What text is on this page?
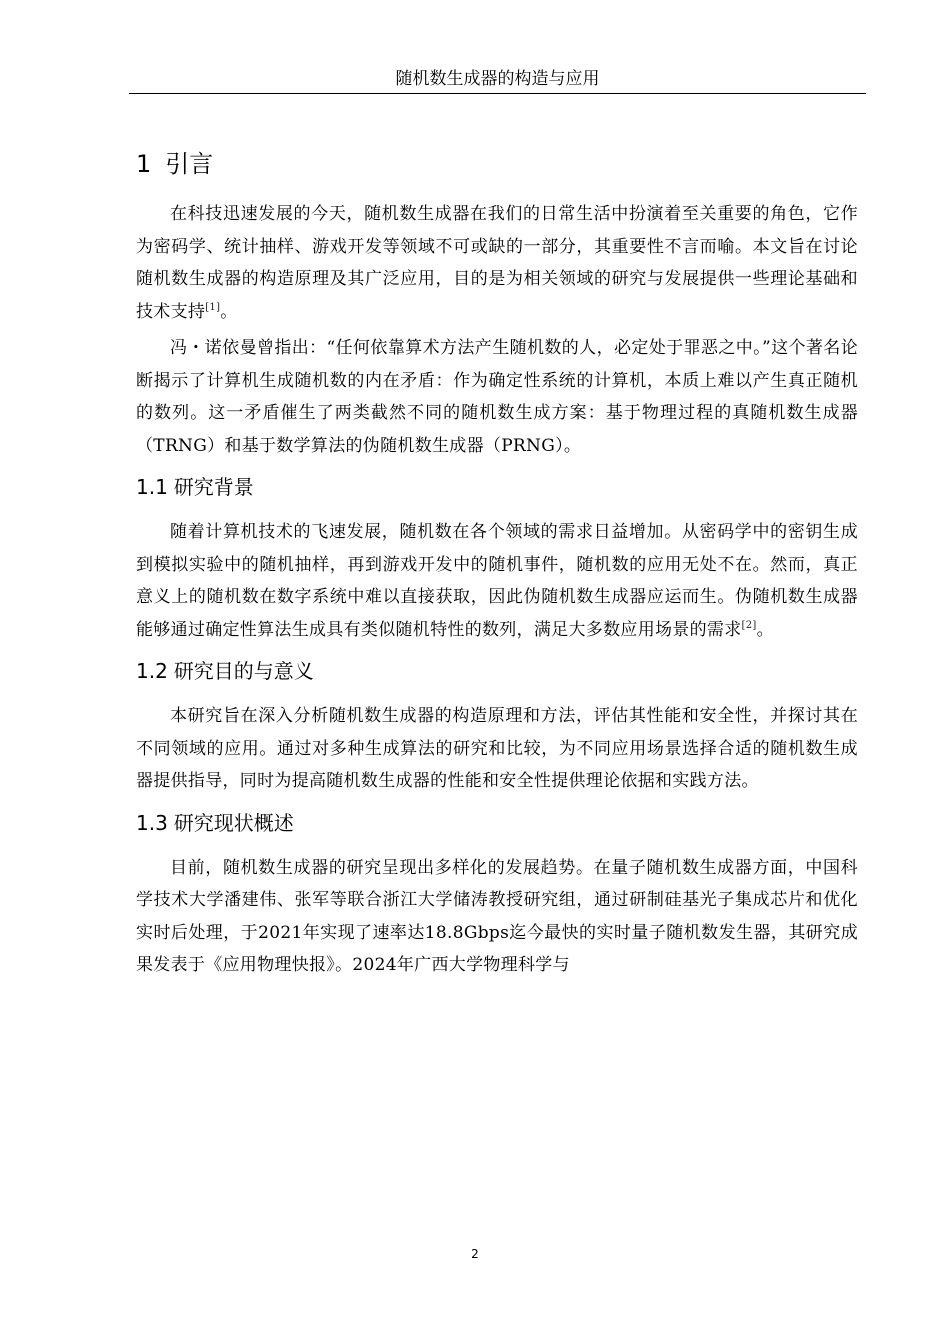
随机数生成器的构造与应用
1 引言

在科技迅速发展的今天，随机数生成器在我们的日常生活中扮演着至关重要的角色，它作为密码学、统计抽样、游戏开发等领域不可或缺的一部分，其重要性不言而喻。本文旨在讨论随机数生成器的构造原理及其广泛应用，目的是为相关领域的研究与发展提供一些理论基础和技术支持[1]。

冯・诺依曼曾指出：“任何依靠算术方法产生随机数的人，必定处于罪恶之中。”这个著名论断揭示了计算机生成随机数的内在矛盾：作为确定性系统的计算机，本质上难以产生真正随机的数列。这一矛盾催生了两类截然不同的随机数生成方案：基于物理过程的真随机数生成器（TRNG）和基于数学算法的伪随机数生成器（PRNG）。

1.1 研究背景

随着计算机技术的飞速发展，随机数在各个领域的需求日益增加。从密码学中的密钥生成到模拟实验中的随机抽样，再到游戏开发中的随机事件，随机数的应用无处不在。然而，真正意义上的随机数在数字系统中难以直接获取，因此伪随机数生成器应运而生。伪随机数生成器能够通过确定性算法生成具有类似随机特性的数列，满足大多数应用场景的需求[2]。

1.2 研究目的与意义

本研究旨在深入分析随机数生成器的构造原理和方法，评估其性能和安全性，并探讨其在不同领域的应用。通过对多种生成算法的研究和比较，为不同应用场景选择合适的随机数生成器提供指导，同时为提高随机数生成器的性能和安全性提供理论依据和实践方法。

1.3 研究现状概述

目前，随机数生成器的研究呈现出多样化的发展趋势。在量子随机数生成器方面，中国科学技术大学潘建伟、张军等联合浙江大学储涛教授研究组，通过研制硅基光子集成芯片和优化实时后处理，于2021年实现了速率达18.8Gbps迄今最快的实时量子随机数发生器，其研究成果发表于《应用物理快报》。2024年广西大学物理科学与

2
